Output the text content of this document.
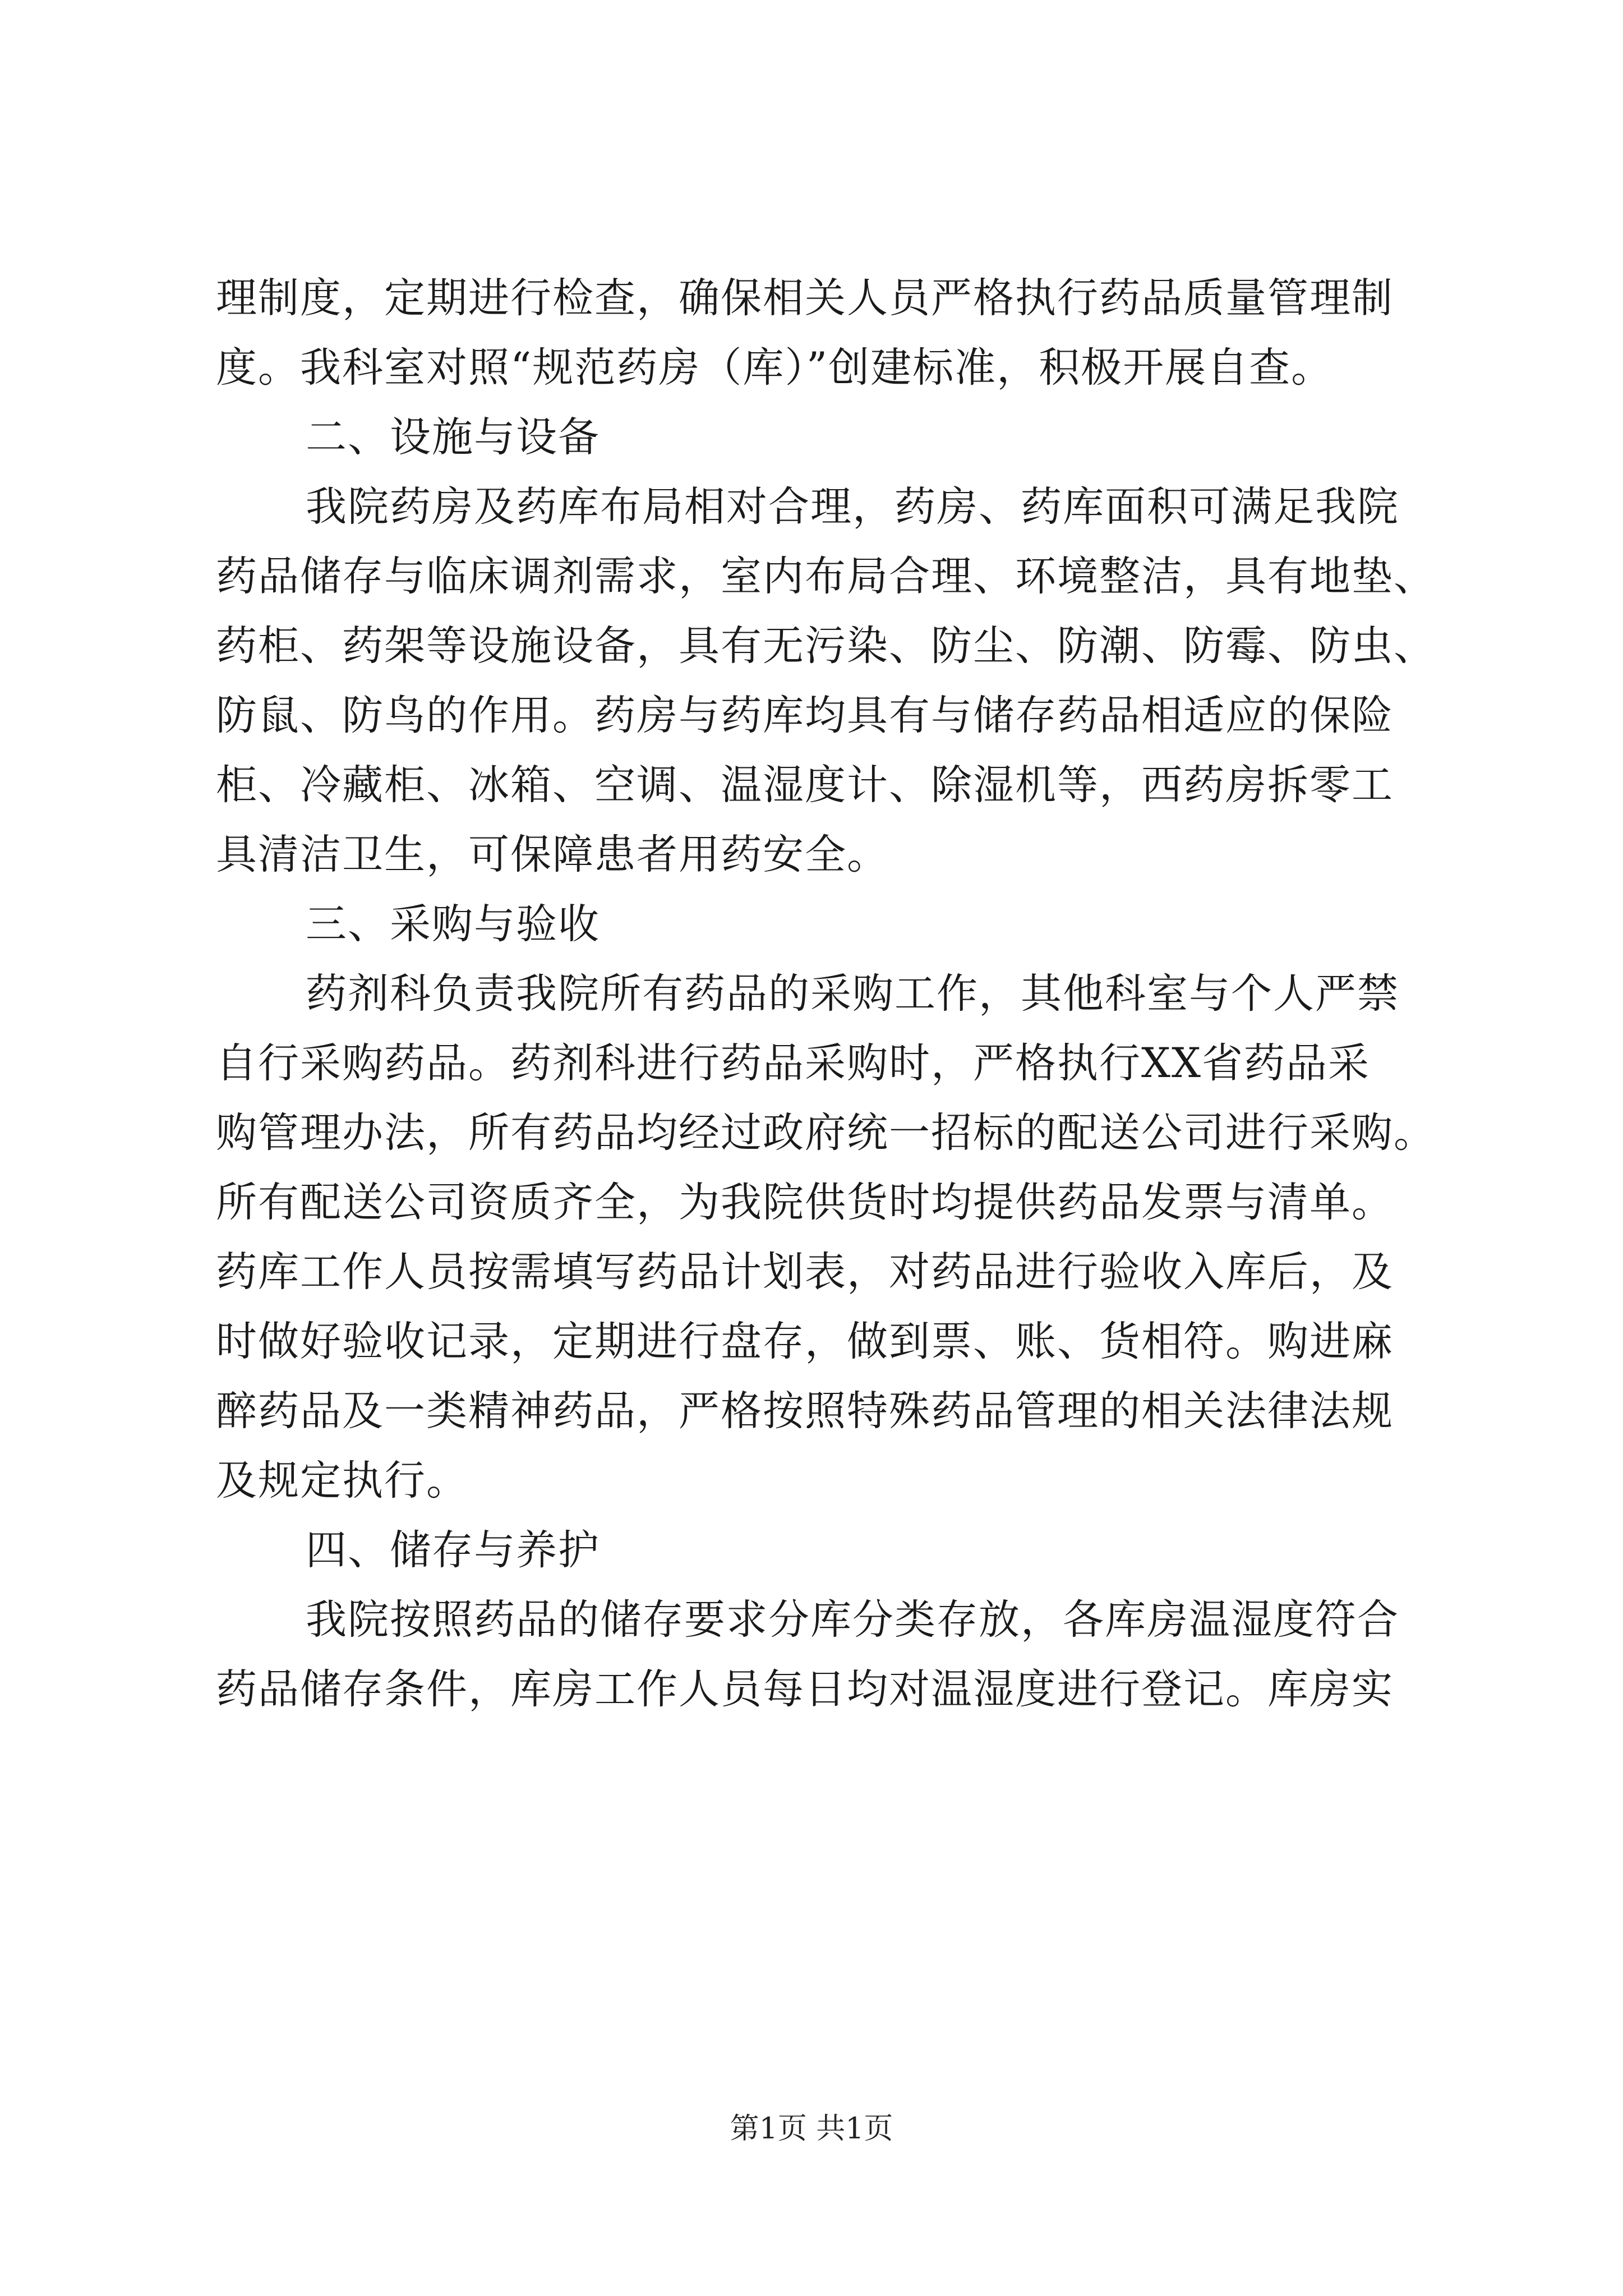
理制度，定期进行检查，确保相关人员严格执行药品质量管理制
度。我科室对照“规范药房（库）”创建标准，积极开展自查。
二、设施与设备
我院药房及药库布局相对合理，药房、药库面积可满足我院
药品储存与临床调剂需求，室内布局合理、环境整洁，具有地垫、
药柜、药架等设施设备，具有无污染、防尘、防潮、防霉、防虫、
防鼠、防鸟的作用。药房与药库均具有与储存药品相适应的保险
柜、冷藏柜、冰箱、空调、温湿度计、除湿机等，西药房拆零工
具清洁卫生，可保障患者用药安全。
三、采购与验收
药剂科负责我院所有药品的采购工作，其他科室与个人严禁
自行采购药品。药剂科进行药品采购时，严格执行XX省药品采
购管理办法，所有药品均经过政府统一招标的配送公司进行采购。
所有配送公司资质齐全，为我院供货时均提供药品发票与清单。
药库工作人员按需填写药品计划表，对药品进行验收入库后，及
时做好验收记录，定期进行盘存，做到票、账、货相符。购进麻
醉药品及一类精神药品，严格按照特殊药品管理的相关法律法规
及规定执行。
四、储存与养护
我院按照药品的储存要求分库分类存放，各库房温湿度符合
药品储存条件，库房工作人员每日均对温湿度进行登记。库房实
第1页 共1页
